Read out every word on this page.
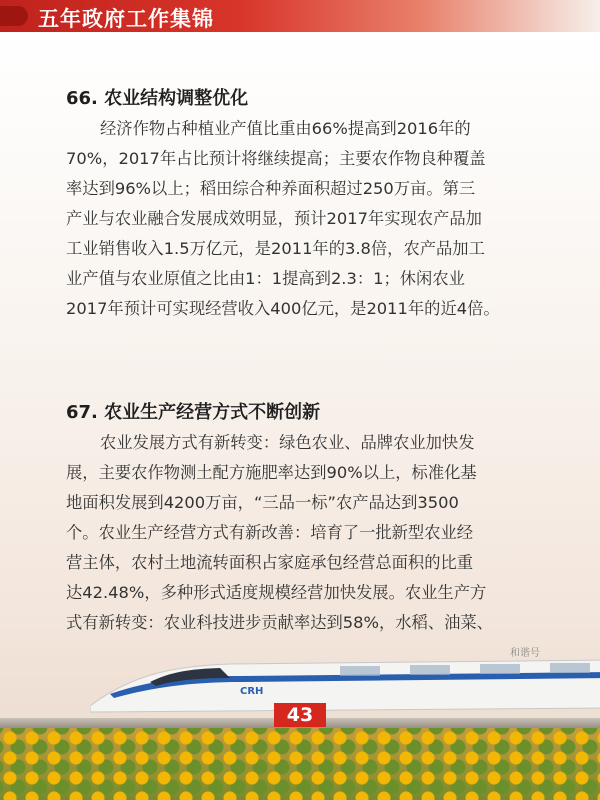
五年政府工作集锦
66. 农业结构调整优化
经济作物占种植业产值比重由66%提高到2016年的
70%，2017年占比预计将继续提高；主要农作物良种覆盖
率达到96%以上；稻田综合种养面积超过250万亩。第三
产业与农业融合发展成效明显，预计2017年实现农产品加
工业销售收入1.5万亿元，是2011年的3.8倍，农产品加工
业产值与农业原值之比由1：1提高到2.3：1；休闲农业
2017年预计可实现经营收入400亿元，是2011年的近4倍。
67. 农业生产经营方式不断创新
农业发展方式有新转变：绿色农业、品牌农业加快发
展，主要农作物测土配方施肥率达到90%以上，标准化基
地面积发展到4200万亩，“三品一标”农产品达到3500
个。农业生产经营方式有新改善：培育了一批新型农业经
营主体，农村土地流转面积占家庭承包经营总面积的比重
达42.48%，多种形式适度规模经营加快发展。农业生产方
式有新转变：农业科技进步贡献率达到58%，水稻、油菜、
CRH
和谐号
43
